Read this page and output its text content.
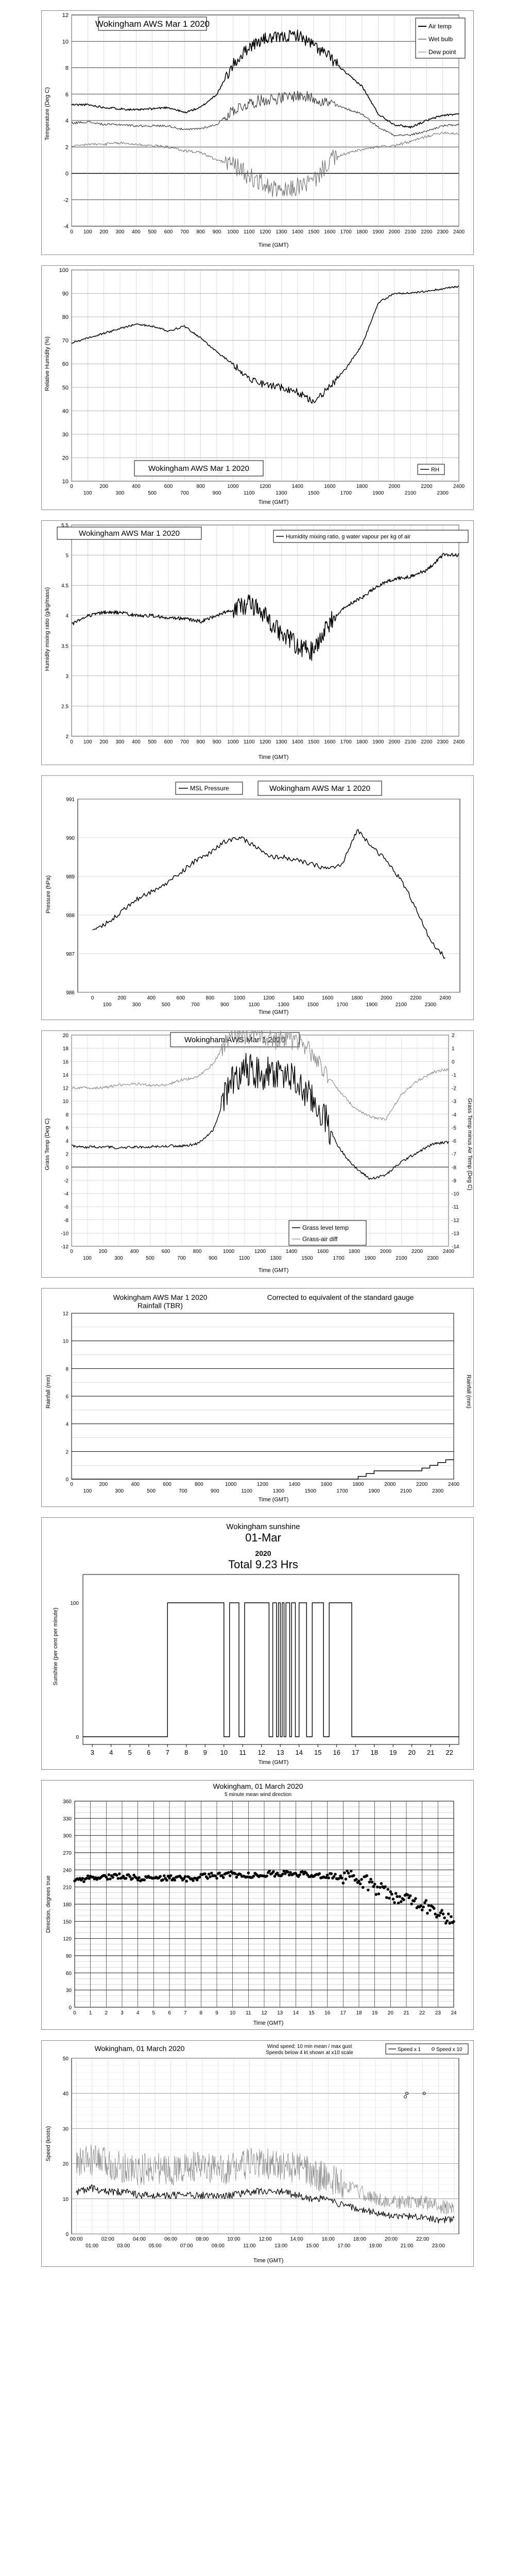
Wokingham AWS Mar 1 2020
Temperature (Deg C)
Time (GMT)
Air temp
Wet bulb
Dew point
12
10
8
6
4
2
0
-2
-4
0 100 200 300 400 500 600 700 800 900 1000 1100 1200 1300 1400 1500 1600 1700 1800 1900 2000 2100 2200 2300 2400
Wokingham AWS Mar 1 2020
Relative Humidity (%)
Time (GMT)
RH
100
90
80
70
60
50
40
30
20
10
0	200	400	600	800	1000	1200	1400	1600	1800	2000	2200	2400
100	300	500	700	900	1100	1300	1500	1700	1900	2100	2300
Wokingham AWS Mar 1 2020
Humidity mixing ratio (g/kg/mass)
Time (GMT)
Humidity mixing ratio, g water vapour per kg of air
5.5
5
4.5
4
3.5
3
2.5
2
0 100 200 300 400 500 600 700 800 900 1000 1100 1200 1300 1400 1500 1600 1700 1800 1900 2000 2100 2200 2300 2400
Wokingham AWS Mar 1 2020
MSL Pressure
Pressure (hPa)
Time (GMT)
991
990
989
988
987
986
0	200	400	600	800	1000	1200	1400	1600	1800	2000	2200	2400
100	300	500	700	900	1100	1300	1500	1700	1900	2100	2300
Wokingham AWS Mar 1 2020
Grass Temp (Deg C)	Grass Temp minus Air Temp (Deg C)
Time (GMT)
Grass level temp
Grass-air diff
20
18
16
14
12
10
8
6
4
2
0
-2
-4
-6
-8
-10
-12
2
1
0
-1
-2
-3
-4
-5
-6
-7
-8
-9
-10
-11
-12
-13
-14
0	200	400	600	800	1000	1200	1400	1600	1800	2000	2200	2400
100	300	500	700	900	1100	1300	1500	1700	1900	2100	2300
Wokingham AWS Mar 1 2020
Rainfall (TBR)
Corrected to equivalent of the standard gauge
Rainfall (mm)	Rainfall (mm)
Time (GMT)
12
10
8
6
4
2
0
0	200	400	600	800	1000	1200	1400	1600	1800	2000	2200	2400
100	300	500	700	900	1100	1300	1500	1700	1900	2100	2300
Wokingham sunshine
01-Mar
2020
Total 9.23 Hrs
Sunshine (per cent per minute)
Time (GMT)
100
0
3 4 5 6 7 8 9 10 11 12 13 14 15 16 17 18 19 20 21 22
Wokingham, 01 March 2020
5 minute mean wind direction
Direction, degrees true
Time (GMT)
360
330
300
270
240
210
180
150
120
90
60
30
0
0	1	2	3	4	5	6	7	8	9 10 11 12 13 14 15 16 17 18 19 20 21 22 23 24
Wokingham, 01 March 2020	Wind speed: 10 min mean / max gust
Speeds below 4 kt shown at x10 scale
Speed x 1	Speed x 10
Speed (knots)
Time (GMT)
50
40
30
20
10
0
00:00	02:00	04:00	06:00	08:00	10:00	12:00	14:00	16:00	18:00	20:00	22:00
01:00	03:00	05:00	07:00	09:00	11:00	13:00	15:00	17:00	19:00	21:00	23:00
